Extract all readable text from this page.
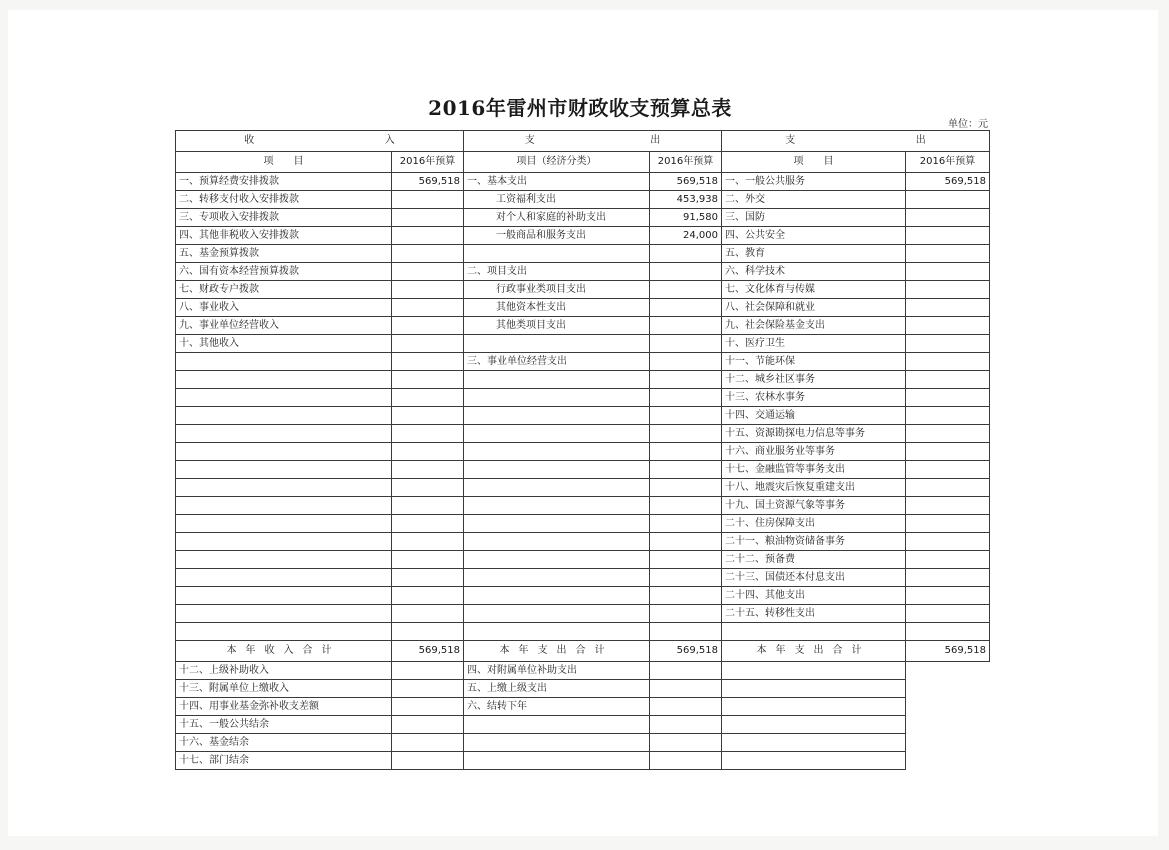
2016年雷州市财政收支预算总表
单位：元
收 入		支 出		支 出	

项　　目	2016年预算	项目（经济分类）	2016年预算	项　　目	2016年预算
一、预算经费安排拨款	569,518	一、基本支出	569,518	一、一般公共服务	569,518
二、转移支付收入安排拨款		工资福利支出	453,938	二、外交	
三、专项收入安排拨款		对个人和家庭的补助支出	91,580	三、国防	
四、其他非税收入安排拨款		一般商品和服务支出	24,000	四、公共安全	
五、基金预算拨款				五、教育	
六、国有资本经营预算拨款		二、项目支出		六、科学技术	
七、财政专户拨款		行政事业类项目支出		七、文化体育与传媒	
八、事业收入		其他资本性支出		八、社会保障和就业	
九、事业单位经营收入		其他类项目支出		九、社会保险基金支出	
十、其他收入				十、医疗卫生	
		三、事业单位经营支出		十一、节能环保	
				十二、城乡社区事务	
				十三、农林水事务	
				十四、交通运输	
				十五、资源勘探电力信息等事务	
				十六、商业服务业等事务	
				十七、金融监管等事务支出	
				十八、地震灾后恢复重建支出	
				十九、国土资源气象等事务	
				二十、住房保障支出	
				二十一、粮油物资储备事务	
				二十二、预备费	
				二十三、国债还本付息支出	
				二十四、其他支出	
				二十五、转移性支出	

本年收入合计	569,518	本年支出合计	569,518	本年支出合计	569,518
十二、上级补助收入		四、对附属单位补助支出			
十三、附属单位上缴收入		五、上缴上级支出			
十四、用事业基金弥补收支差额		六、结转下年			
十五、一般公共结余					
十六、基金结余					
十七、部门结余					
